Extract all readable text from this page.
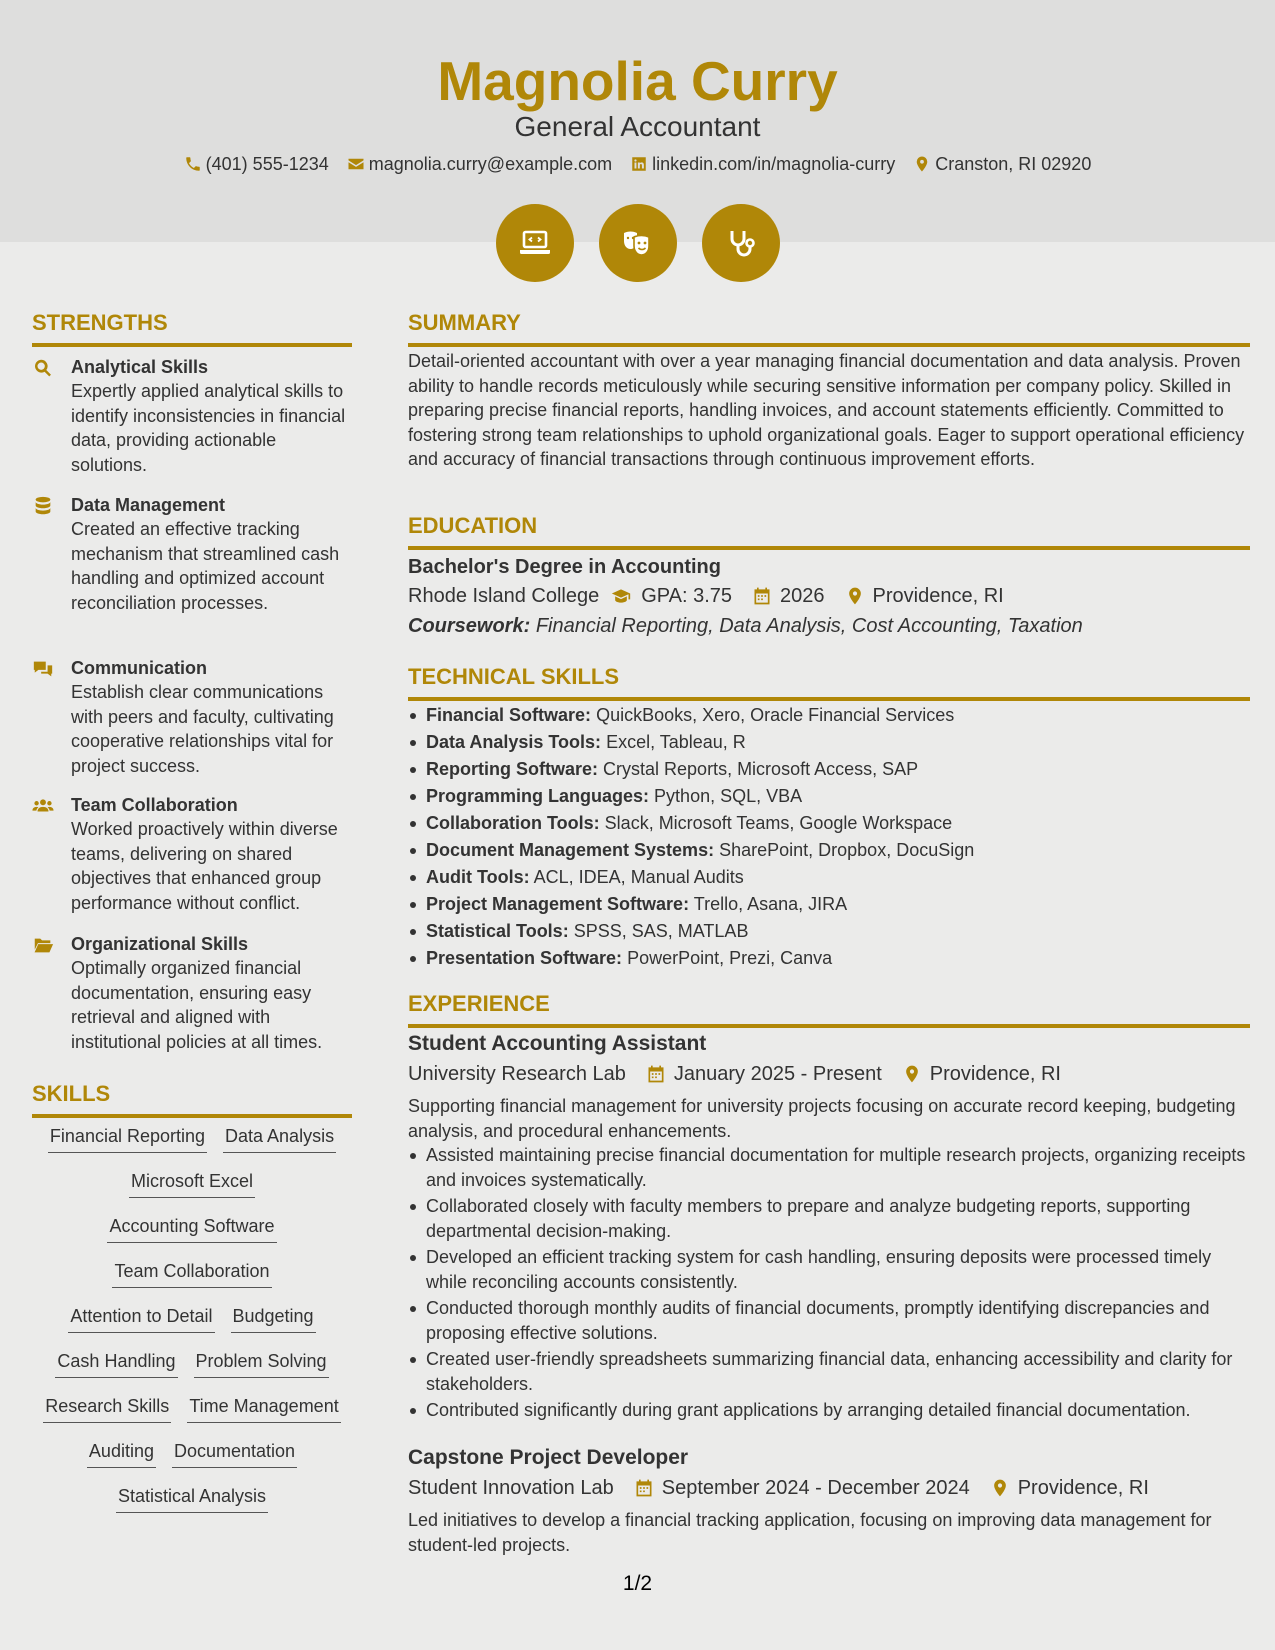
Magnolia Curry
General Accountant
(401) 555-1234 magnolia.curry@example.com linkedin.com/in/magnolia-curry Cranston, RI 02920
STRENGTHS
Analytical Skills
Expertly applied analytical skills to identify inconsistencies in financial data, providing actionable solutions.
Data Management
Created an effective tracking mechanism that streamlined cash handling and optimized account reconciliation processes.
Communication
Establish clear communications with peers and faculty, cultivating cooperative relationships vital for project success.
Team Collaboration
Worked proactively within diverse teams, delivering on shared objectives that enhanced group performance without conflict.
Organizational Skills
Optimally organized financial documentation, ensuring easy retrieval and aligned with institutional policies at all times.
SKILLS
Financial Reporting Data Analysis
Microsoft Excel
Accounting Software
Team Collaboration
Attention to Detail Budgeting
Cash Handling Problem Solving
Research Skills Time Management
Auditing Documentation
Statistical Analysis
SUMMARY
Detail-oriented accountant with over a year managing financial documentation and data analysis. Proven ability to handle records meticulously while securing sensitive information per company policy. Skilled in preparing precise financial reports, handling invoices, and account statements efficiently. Committed to fostering strong team relationships to uphold organizational goals. Eager to support operational efficiency and accuracy of financial transactions through continuous improvement efforts.
EDUCATION
Bachelor's Degree in Accounting
Rhode Island College GPA: 3.75 2026 Providence, RI
Coursework: Financial Reporting, Data Analysis, Cost Accounting, Taxation
TECHNICAL SKILLS
Financial Software: QuickBooks, Xero, Oracle Financial Services
Data Analysis Tools: Excel, Tableau, R
Reporting Software: Crystal Reports, Microsoft Access, SAP
Programming Languages: Python, SQL, VBA
Collaboration Tools: Slack, Microsoft Teams, Google Workspace
Document Management Systems: SharePoint, Dropbox, DocuSign
Audit Tools: ACL, IDEA, Manual Audits
Project Management Software: Trello, Asana, JIRA
Statistical Tools: SPSS, SAS, MATLAB
Presentation Software: PowerPoint, Prezi, Canva
EXPERIENCE
Student Accounting Assistant
University Research Lab January 2025 - Present Providence, RI
Supporting financial management for university projects focusing on accurate record keeping, budgeting analysis, and procedural enhancements.
Assisted maintaining precise financial documentation for multiple research projects, organizing receipts and invoices systematically.
Collaborated closely with faculty members to prepare and analyze budgeting reports, supporting departmental decision-making.
Developed an efficient tracking system for cash handling, ensuring deposits were processed timely while reconciling accounts consistently.
Conducted thorough monthly audits of financial documents, promptly identifying discrepancies and proposing effective solutions.
Created user-friendly spreadsheets summarizing financial data, enhancing accessibility and clarity for stakeholders.
Contributed significantly during grant applications by arranging detailed financial documentation.
Capstone Project Developer
Student Innovation Lab September 2024 - December 2024 Providence, RI
Led initiatives to develop a financial tracking application, focusing on improving data management for student-led projects.
1/2
